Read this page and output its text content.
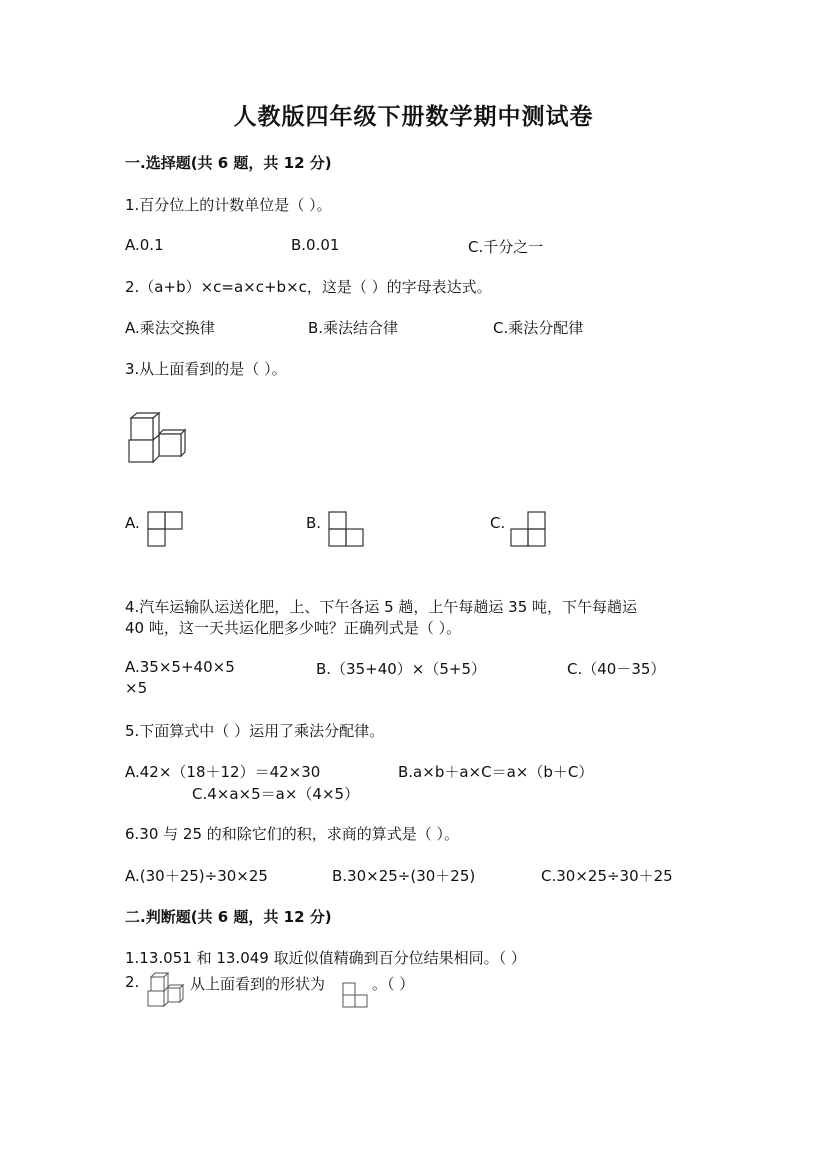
人教版四年级下册数学期中测试卷
一.选择题(共 6 题，共 12 分)
1.百分位上的计数单位是（ ）。
A.0.1	B.0.01	C.千分之一
2.（a+b）×c=a×c+b×c，这是（ ）的字母表达式。
A.乘法交换律	B.乘法结合律	C.乘法分配律
3.从上面看到的是（ ）。
A.	B.	C.
4.汽车运输队运送化肥，上、下午各运 5 趟，上午每趟运 35 吨，下午每趟运
40 吨，这一天共运化肥多少吨？正确列式是（ ）。
A.35×5+40×5	B.（35+40）×（5+5）	C.（40－35）
×5
5.下面算式中（ ）运用了乘法分配律。
A.42×（18＋12）＝42×30	B.a×b＋a×C＝a×（b＋C）
C.4×a×5＝a×（4×5）
6.30 与 25 的和除它们的积，求商的算式是（ ）。
A.(30＋25)÷30×25	B.30×25÷(30＋25)	C.30×25÷30＋25
二.判断题(共 6 题，共 12 分)
1.13.051 和 13.049 取近似值精确到百分位结果相同。（ ）
2.	从上面看到的形状为	。（ ）
